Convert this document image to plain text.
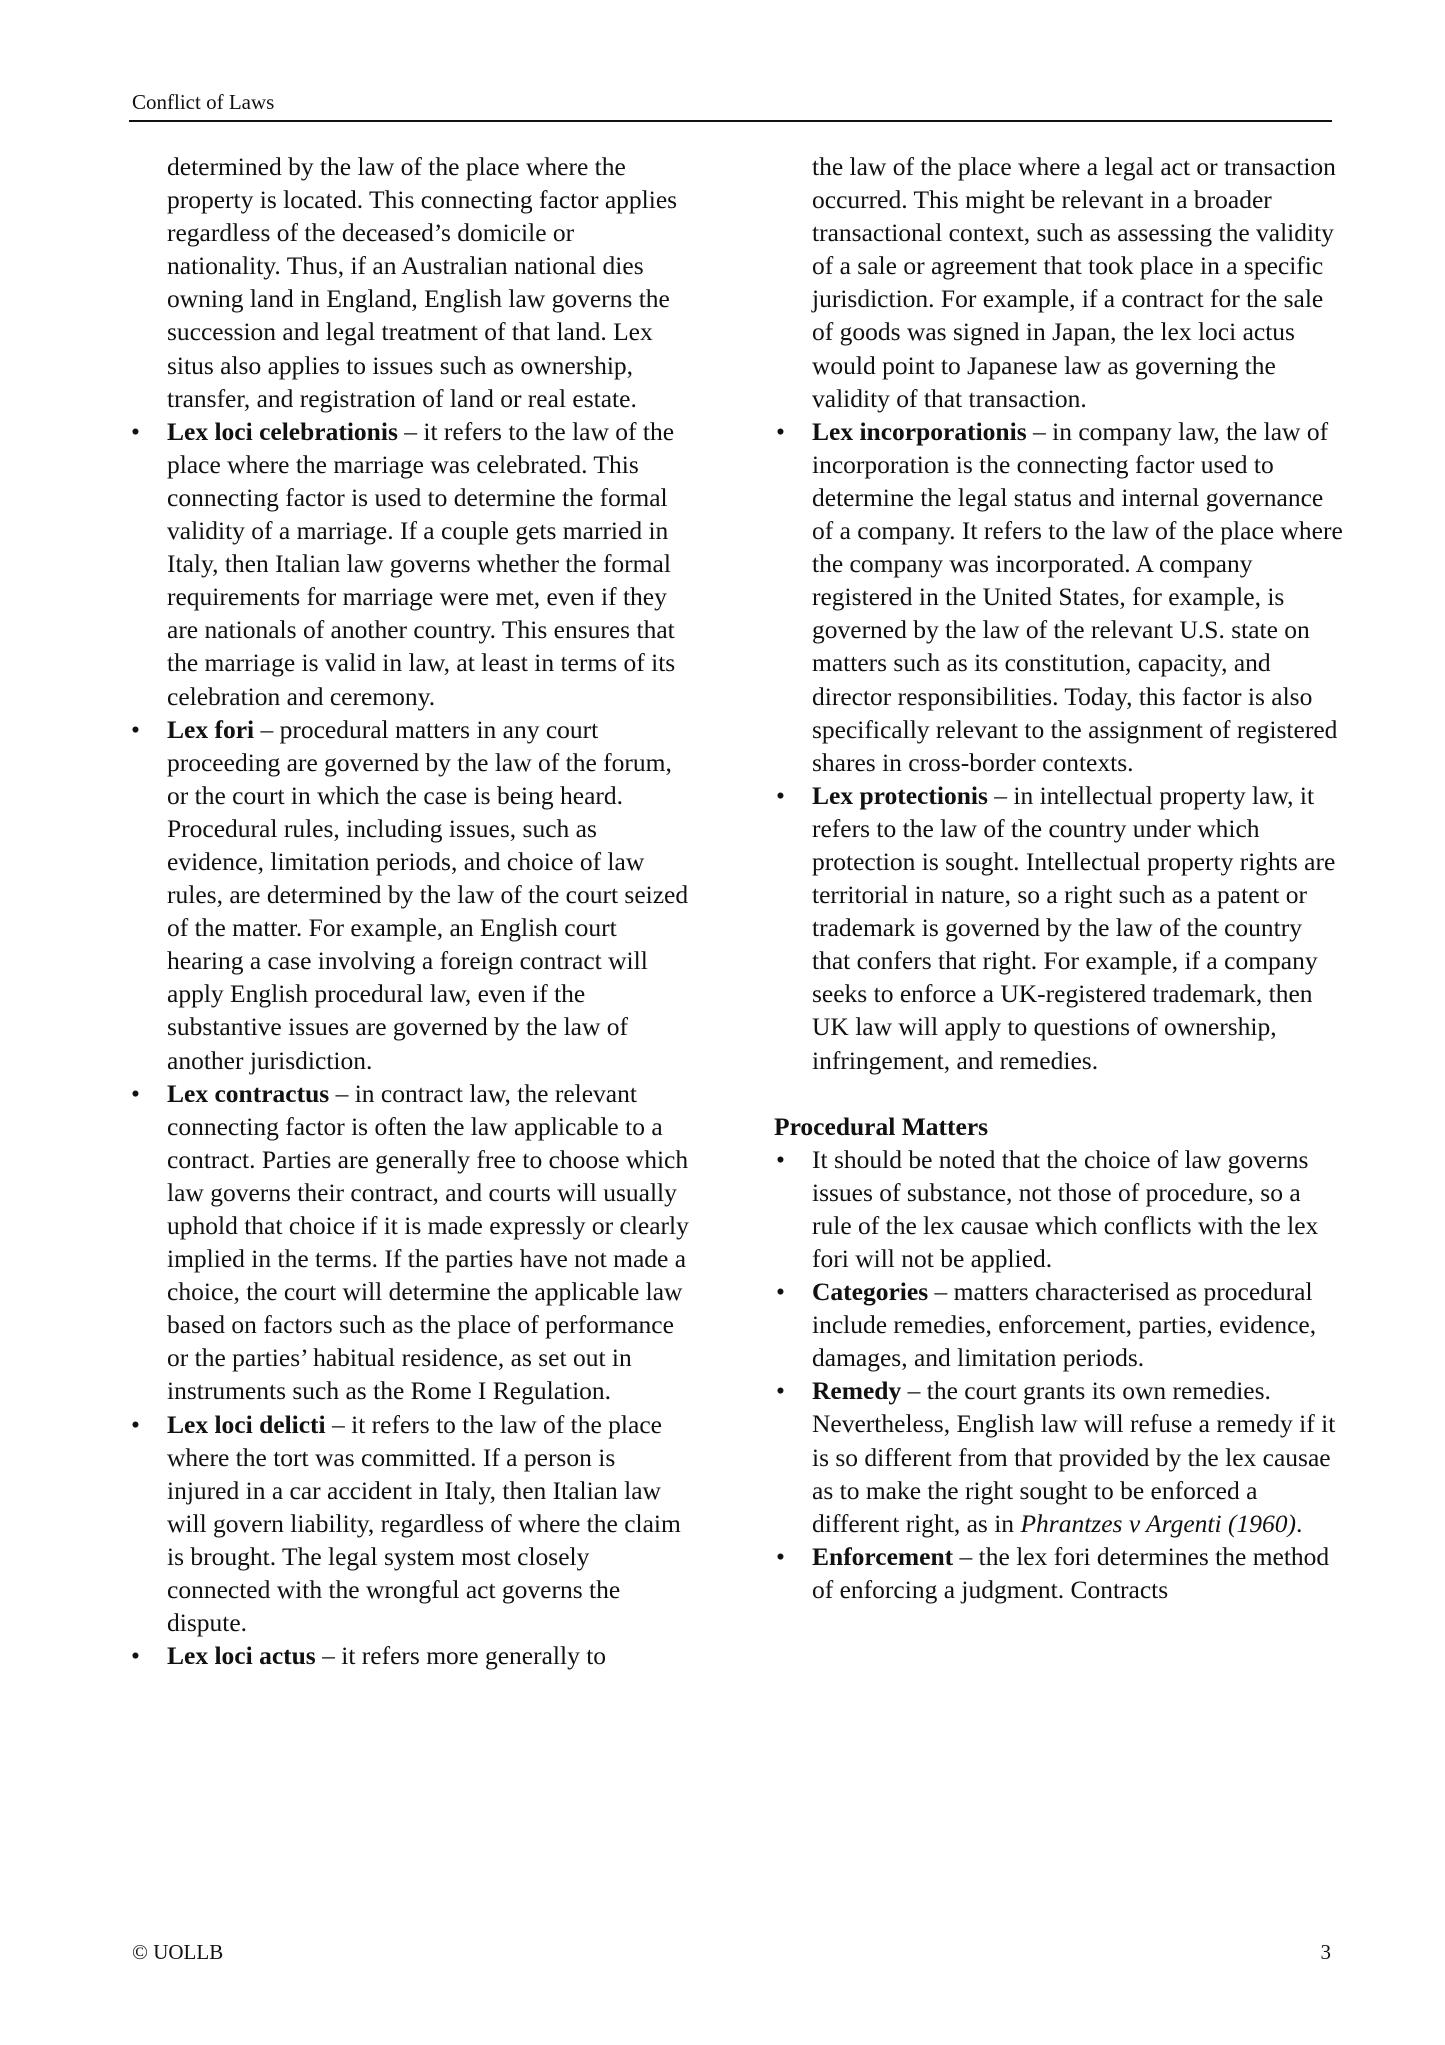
Conflict of Laws
determined by the law of the place where the property is located. This connecting factor applies regardless of the deceased’s domicile or nationality. Thus, if an Australian national dies owning land in England, English law governs the succession and legal treatment of that land. Lex situs also applies to issues such as ownership, transfer, and registration of land or real estate.
•	Lex loci celebrationis – it refers to the law of the place where the marriage was celebrated. This connecting factor is used to determine the formal validity of a marriage. If a couple gets married in Italy, then Italian law governs whether the formal requirements for marriage were met, even if they are nationals of another country. This ensures that the marriage is valid in law, at least in terms of its celebration and ceremony.
•	Lex fori – procedural matters in any court proceeding are governed by the law of the forum, or the court in which the case is being heard. Procedural rules, including issues, such as evidence, limitation periods, and choice of law rules, are determined by the law of the court seized of the matter. For example, an English court hearing a case involving a foreign contract will apply English procedural law, even if the substantive issues are governed by the law of another jurisdiction.
•	Lex contractus – in contract law, the relevant connecting factor is often the law applicable to a contract. Parties are generally free to choose which law governs their contract, and courts will usually uphold that choice if it is made expressly or clearly implied in the terms. If the parties have not made a choice, the court will determine the applicable law based on factors such as the place of performance or the parties’ habitual residence, as set out in instruments such as the Rome I Regulation.
•	Lex loci delicti – it refers to the law of the place where the tort was committed. If a person is injured in a car accident in Italy, then Italian law will govern liability, regardless of where the claim is brought. The legal system most closely connected with the wrongful act governs the dispute.
•	Lex loci actus – it refers more generally to
the law of the place where a legal act or transaction occurred. This might be relevant in a broader transactional context, such as assessing the validity of a sale or agreement that took place in a specific jurisdiction. For example, if a contract for the sale of goods was signed in Japan, the lex loci actus would point to Japanese law as governing the validity of that transaction.
•	Lex incorporationis – in company law, the law of incorporation is the connecting factor used to determine the legal status and internal governance of a company. It refers to the law of the place where the company was incorporated. A company registered in the United States, for example, is governed by the law of the relevant U.S. state on matters such as its constitution, capacity, and director responsibilities. Today, this factor is also specifically relevant to the assignment of registered shares in cross-border contexts.
•	Lex protectionis – in intellectual property law, it refers to the law of the country under which protection is sought. Intellectual property rights are territorial in nature, so a right such as a patent or trademark is governed by the law of the country that confers that right. For example, if a company seeks to enforce a UK-registered trademark, then UK law will apply to questions of ownership, infringement, and remedies.
Procedural Matters
•	It should be noted that the choice of law governs issues of substance, not those of procedure, so a rule of the lex causae which conflicts with the lex fori will not be applied.
•	Categories – matters characterised as procedural include remedies, enforcement, parties, evidence, damages, and limitation periods.
•	Remedy – the court grants its own remedies. Nevertheless, English law will refuse a remedy if it is so different from that provided by the lex causae as to make the right sought to be enforced a different right, as in Phrantzes v Argenti (1960).
•	Enforcement – the lex fori determines the method of enforcing a judgment. Contracts
© UOLLB	3
